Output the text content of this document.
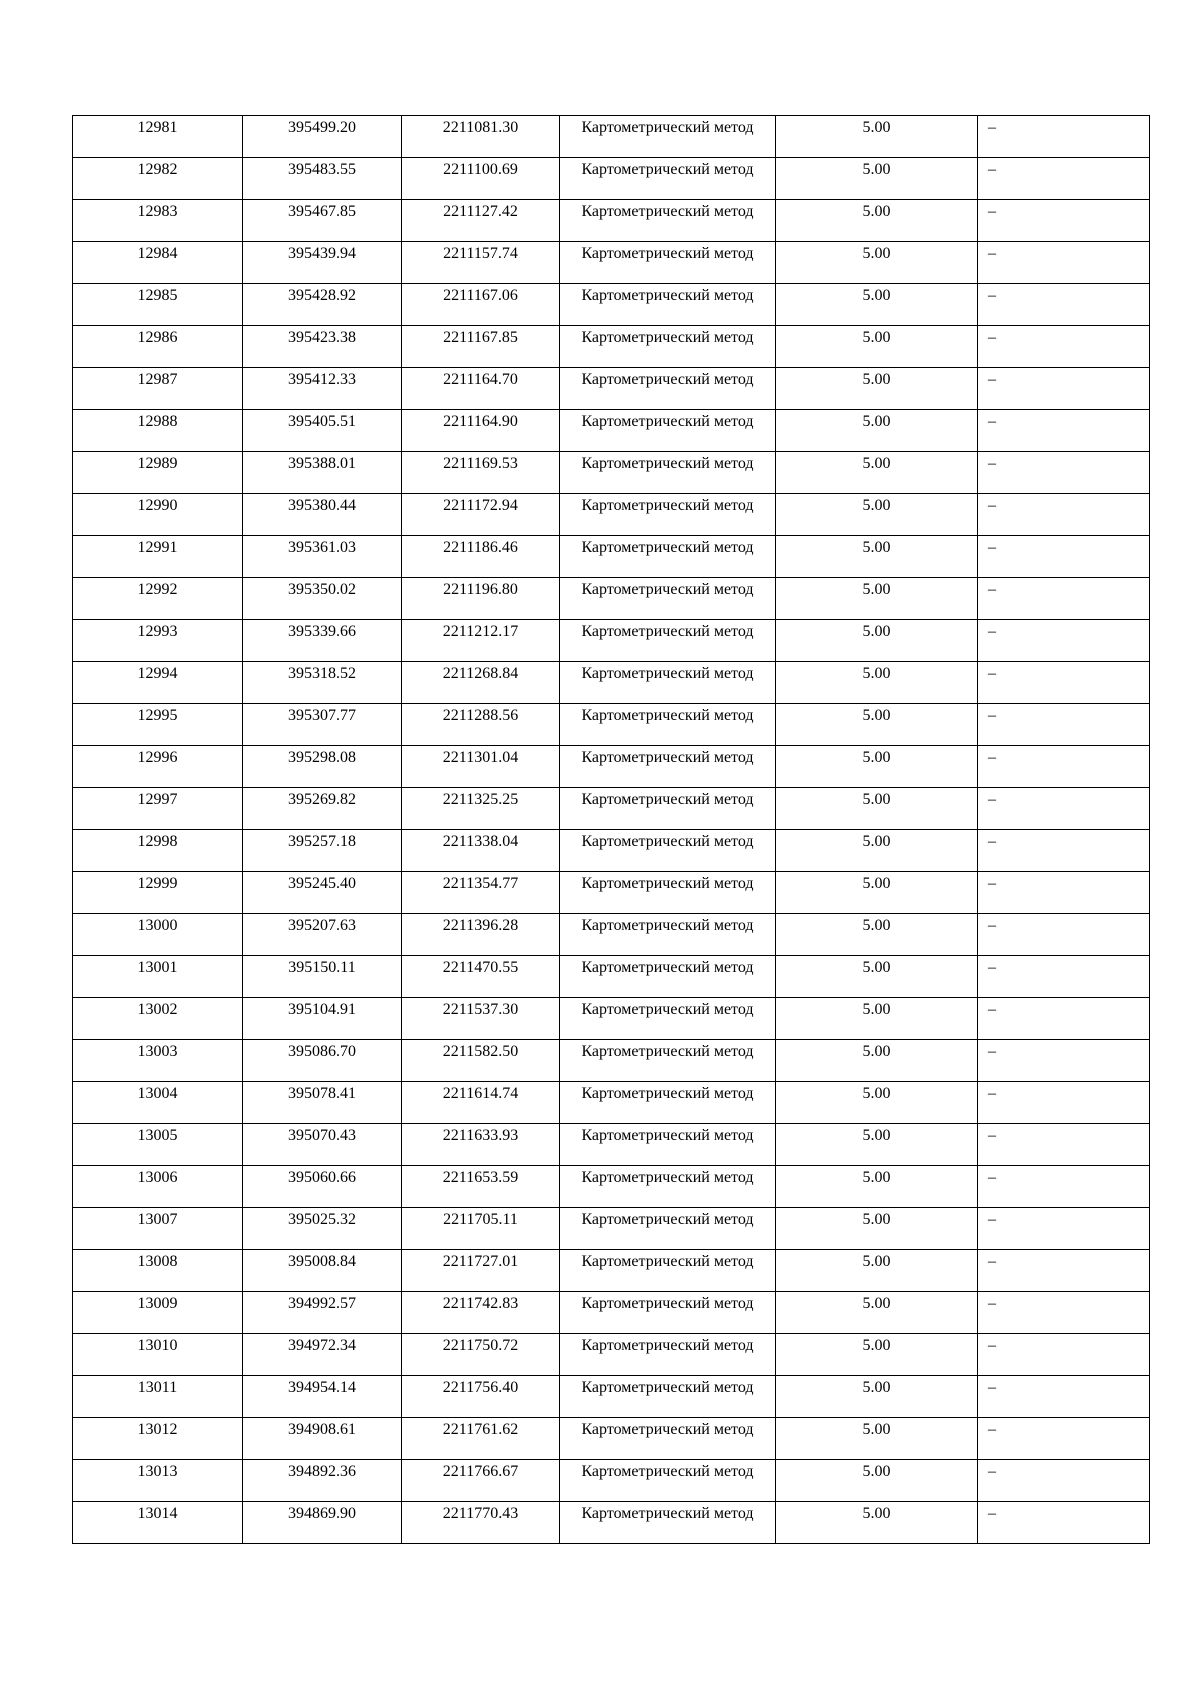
12981	395499.20	2211081.30	Картометрический метод	5.00	–
12982	395483.55	2211100.69	Картометрический метод	5.00	–
12983	395467.85	2211127.42	Картометрический метод	5.00	–
12984	395439.94	2211157.74	Картометрический метод	5.00	–
12985	395428.92	2211167.06	Картометрический метод	5.00	–
12986	395423.38	2211167.85	Картометрический метод	5.00	–
12987	395412.33	2211164.70	Картометрический метод	5.00	–
12988	395405.51	2211164.90	Картометрический метод	5.00	–
12989	395388.01	2211169.53	Картометрический метод	5.00	–
12990	395380.44	2211172.94	Картометрический метод	5.00	–
12991	395361.03	2211186.46	Картометрический метод	5.00	–
12992	395350.02	2211196.80	Картометрический метод	5.00	–
12993	395339.66	2211212.17	Картометрический метод	5.00	–
12994	395318.52	2211268.84	Картометрический метод	5.00	–
12995	395307.77	2211288.56	Картометрический метод	5.00	–
12996	395298.08	2211301.04	Картометрический метод	5.00	–
12997	395269.82	2211325.25	Картометрический метод	5.00	–
12998	395257.18	2211338.04	Картометрический метод	5.00	–
12999	395245.40	2211354.77	Картометрический метод	5.00	–
13000	395207.63	2211396.28	Картометрический метод	5.00	–
13001	395150.11	2211470.55	Картометрический метод	5.00	–
13002	395104.91	2211537.30	Картометрический метод	5.00	–
13003	395086.70	2211582.50	Картометрический метод	5.00	–
13004	395078.41	2211614.74	Картометрический метод	5.00	–
13005	395070.43	2211633.93	Картометрический метод	5.00	–
13006	395060.66	2211653.59	Картометрический метод	5.00	–
13007	395025.32	2211705.11	Картометрический метод	5.00	–
13008	395008.84	2211727.01	Картометрический метод	5.00	–
13009	394992.57	2211742.83	Картометрический метод	5.00	–
13010	394972.34	2211750.72	Картометрический метод	5.00	–
13011	394954.14	2211756.40	Картометрический метод	5.00	–
13012	394908.61	2211761.62	Картометрический метод	5.00	–
13013	394892.36	2211766.67	Картометрический метод	5.00	–
13014	394869.90	2211770.43	Картометрический метод	5.00	–
